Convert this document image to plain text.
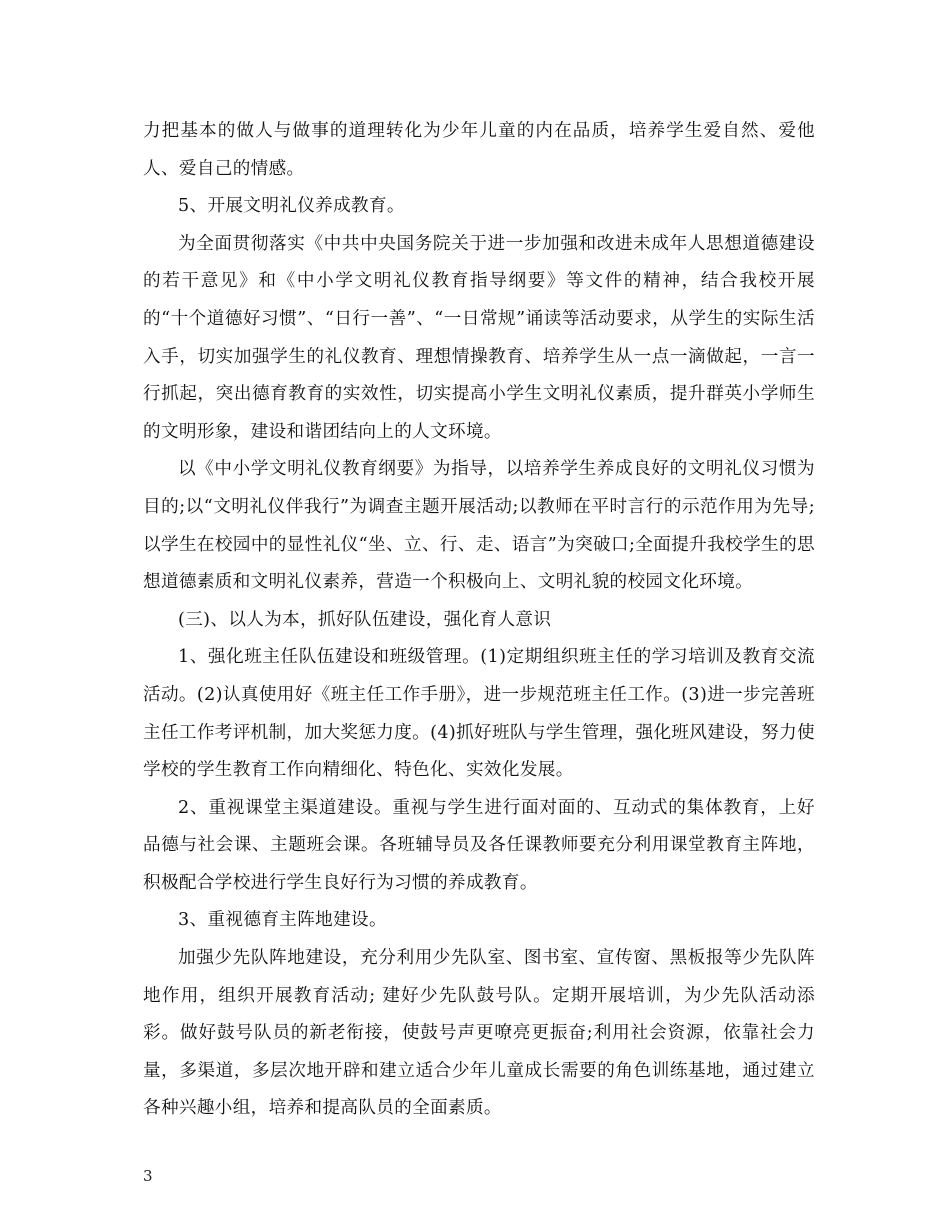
力把基本的做人与做事的道理转化为少年儿童的内在品质，培养学生爱自然、爱他人、爱自己的情感。

5、开展文明礼仪养成教育。

为全面贯彻落实《中共中央国务院关于进一步加强和改进未成年人思想道德建设的若干意见》和《中小学文明礼仪教育指导纲要》等文件的精神，结合我校开展的“十个道德好习惯”、“日行一善”、“一日常规”诵读等活动要求，从学生的实际生活入手，切实加强学生的礼仪教育、理想情操教育、培养学生从一点一滴做起，一言一行抓起，突出德育教育的实效性，切实提高小学生文明礼仪素质，提升群英小学师生的文明形象，建设和谐团结向上的人文环境。

以《中小学文明礼仪教育纲要》为指导，以培养学生养成良好的文明礼仪习惯为目的;以“文明礼仪伴我行”为调查主题开展活动;以教师在平时言行的示范作用为先导;以学生在校园中的显性礼仪“坐、立、行、走、语言”为突破口;全面提升我校学生的思想道德素质和文明礼仪素养，营造一个积极向上、文明礼貌的校园文化环境。

(三)、以人为本，抓好队伍建设，强化育人意识

1、强化班主任队伍建设和班级管理。(1)定期组织班主任的学习培训及教育交流活动。(2)认真使用好《班主任工作手册》，进一步规范班主任工作。(3)进一步完善班主任工作考评机制，加大奖惩力度。(4)抓好班队与学生管理，强化班风建设，努力使学校的学生教育工作向精细化、特色化、实效化发展。

2、重视课堂主渠道建设。重视与学生进行面对面的、互动式的集体教育，上好品德与社会课、主题班会课。各班辅导员及各任课教师要充分利用课堂教育主阵地，积极配合学校进行学生良好行为习惯的养成教育。

3、重视德育主阵地建设。

加强少先队阵地建设，充分利用少先队室、图书室、宣传窗、黑板报等少先队阵地作用，组织开展教育活动; 建好少先队鼓号队。定期开展培训，为少先队活动添彩。做好鼓号队员的新老衔接，使鼓号声更嘹亮更振奋;利用社会资源，依靠社会力量，多渠道，多层次地开辟和建立适合少年儿童成长需要的角色训练基地，通过建立各种兴趣小组，培养和提高队员的全面素质。

3
